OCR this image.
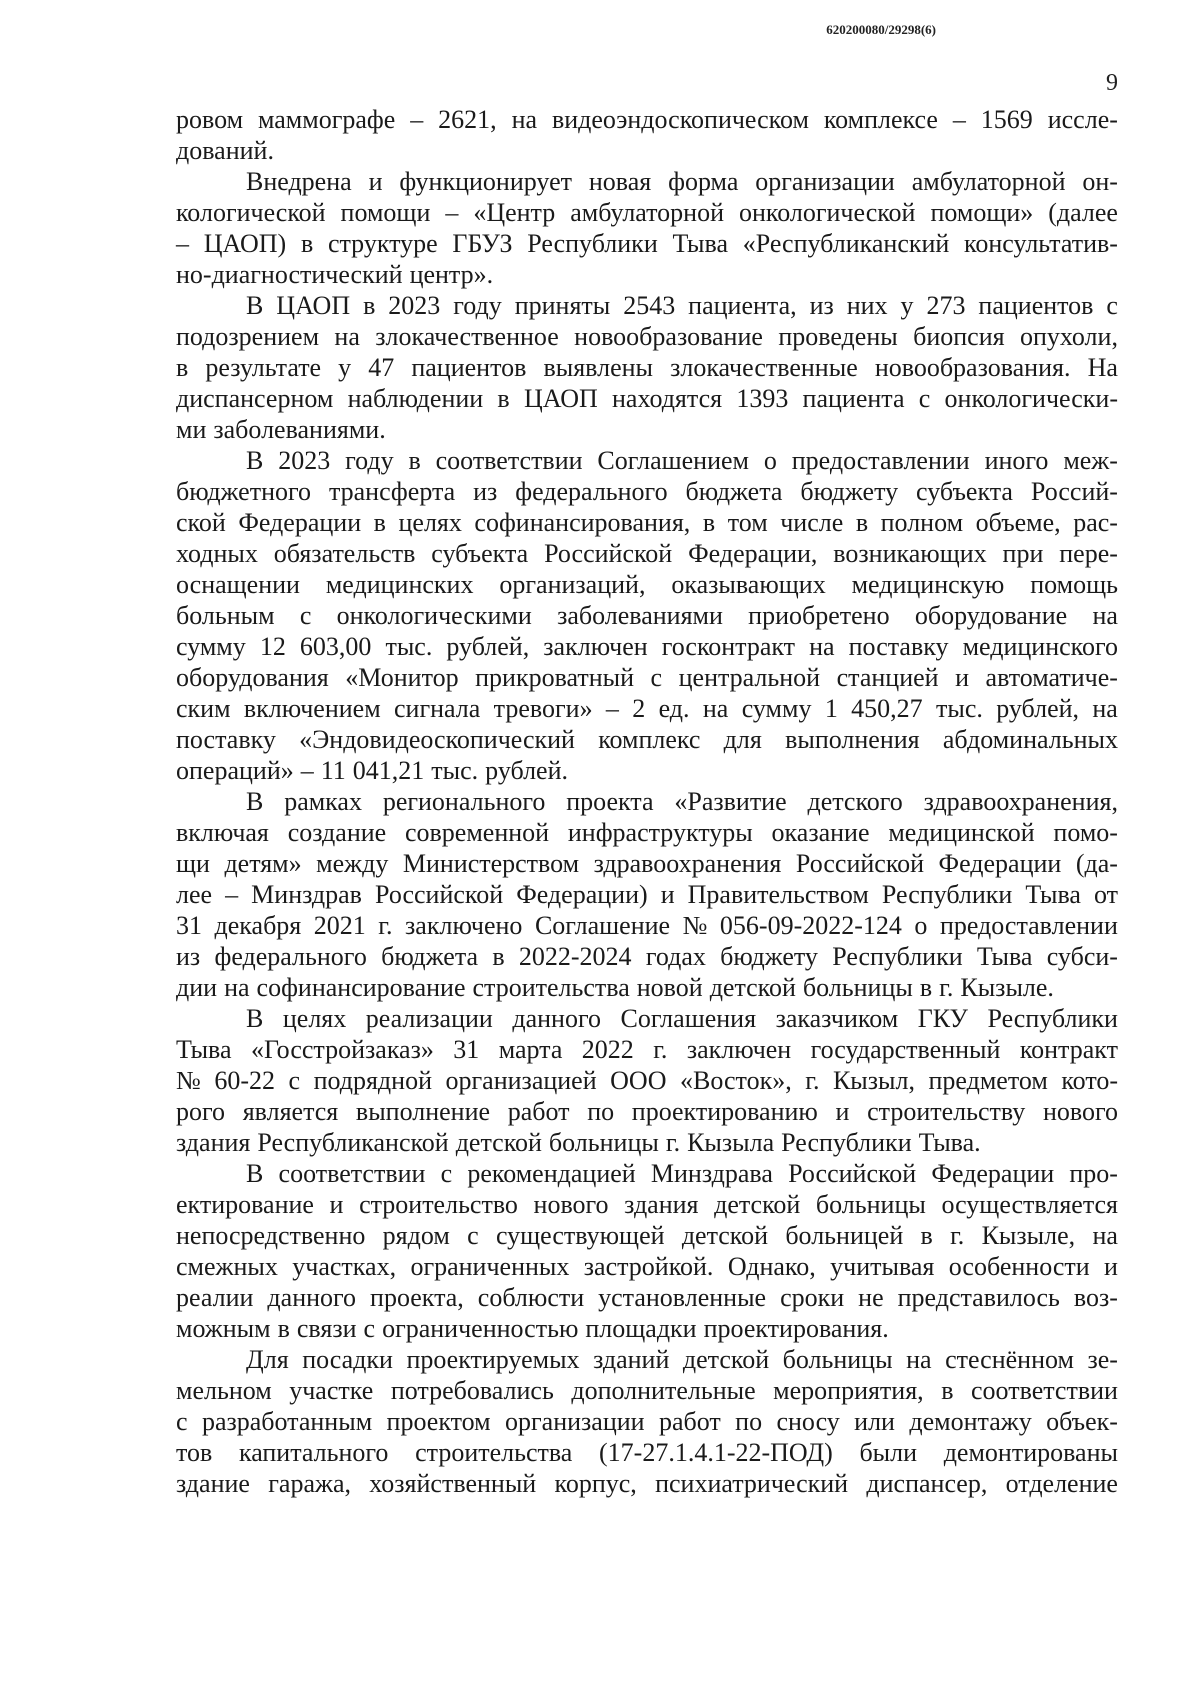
620200080/29298(6)
9
ровом маммографе – 2621, на видеоэндоскопическом комплексе – 1569 иссле-
дований.
Внедрена и функционирует новая форма организации амбулаторной он-
кологической помощи – «Центр амбулаторной онкологической помощи» (далее
– ЦАОП) в структуре ГБУЗ Республики Тыва «Республиканский консультатив-
но-диагностический центр».
В ЦАОП в 2023 году приняты 2543 пациента, из них у 273 пациентов с
подозрением на злокачественное новообразование проведены биопсия опухоли,
в результате у 47 пациентов выявлены злокачественные новообразования. На
диспансерном наблюдении в ЦАОП находятся 1393 пациента с онкологически-
ми заболеваниями.
В 2023 году в соответствии Соглашением о предоставлении иного меж-
бюджетного трансферта из федерального бюджета бюджету субъекта Россий-
ской Федерации в целях софинансирования, в том числе в полном объеме, рас-
ходных обязательств субъекта Российской Федерации, возникающих при пере-
оснащении медицинских организаций, оказывающих медицинскую помощь
больным с онкологическими заболеваниями приобретено оборудование на
сумму 12 603,00 тыс. рублей, заключен госконтракт на поставку медицинского
оборудования «Монитор прикроватный с центральной станцией и автоматиче-
ским включением сигнала тревоги» – 2 ед. на сумму 1 450,27 тыс. рублей, на
поставку «Эндовидеоскопический комплекс для выполнения абдоминальных
операций» – 11 041,21 тыс. рублей.
В рамках регионального проекта «Развитие детского здравоохранения,
включая создание современной инфраструктуры оказание медицинской помо-
щи детям» между Министерством здравоохранения Российской Федерации (да-
лее – Минздрав Российской Федерации) и Правительством Республики Тыва от
31 декабря 2021 г. заключено Соглашение № 056-09-2022-124 о предоставлении
из федерального бюджета в 2022-2024 годах бюджету Республики Тыва субси-
дии на софинансирование строительства новой детской больницы в г. Кызыле.
В целях реализации данного Соглашения заказчиком ГКУ Республики
Тыва «Госстройзаказ» 31 марта 2022 г. заключен государственный контракт
№ 60-22 с подрядной организацией ООО «Восток», г. Кызыл, предметом кото-
рого является выполнение работ по проектированию и строительству нового
здания Республиканской детской больницы г. Кызыла Республики Тыва.
В соответствии с рекомендацией Минздрава Российской Федерации про-
ектирование и строительство нового здания детской больницы осуществляется
непосредственно рядом с существующей детской больницей в г. Кызыле, на
смежных участках, ограниченных застройкой. Однако, учитывая особенности и
реалии данного проекта, соблюсти установленные сроки не представилось воз-
можным в связи с ограниченностью площадки проектирования.
Для посадки проектируемых зданий детской больницы на стеснённом зе-
мельном участке потребовались дополнительные мероприятия, в соответствии
с разработанным проектом организации работ по сносу или демонтажу объек-
тов капитального строительства (17-27.1.4.1-22-ПОД) были демонтированы
здание гаража, хозяйственный корпус, психиатрический диспансер, отделение
